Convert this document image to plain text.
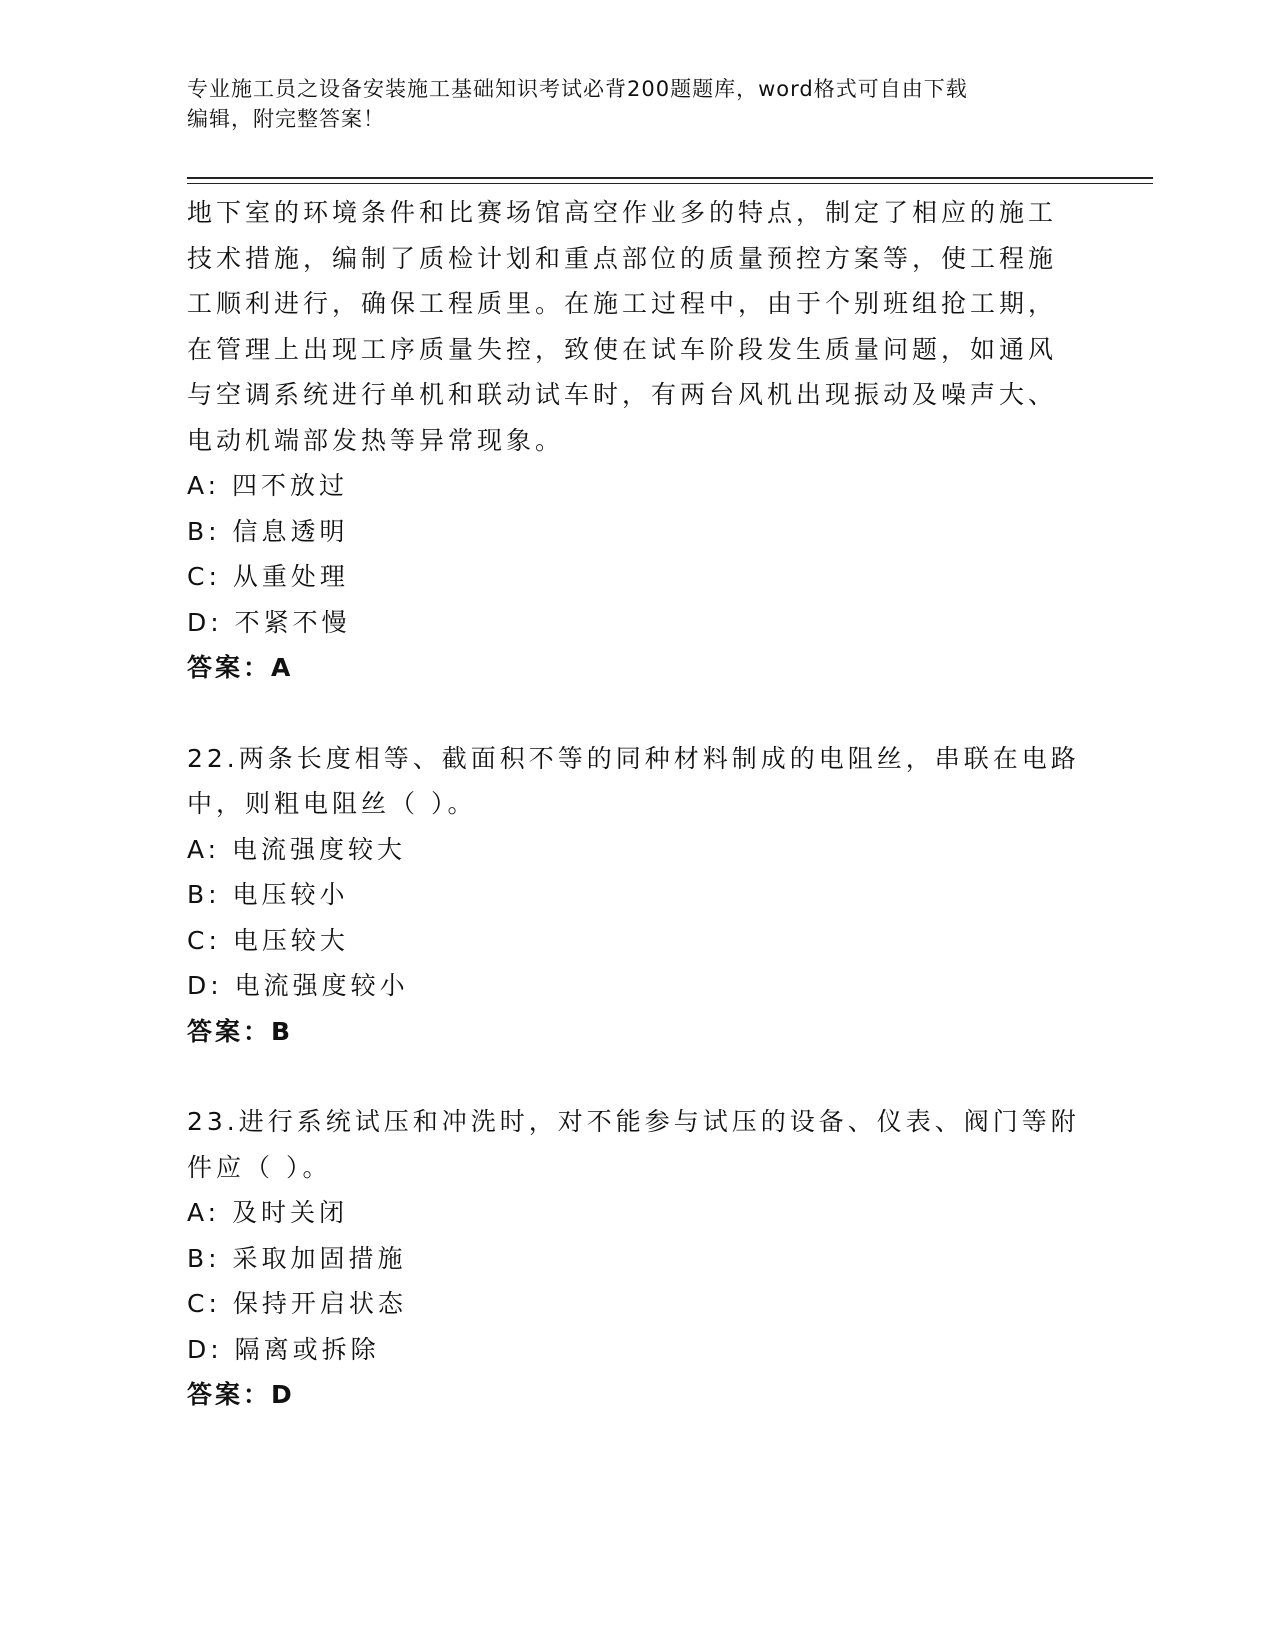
专业施工员之设备安装施工基础知识考试必背200题题库，word格式可自由下载
编辑，附完整答案！
地下室的环境条件和比赛场馆高空作业多的特点，制定了相应的施工
技术措施，编制了质检计划和重点部位的质量预控方案等，使工程施
工顺利进行，确保工程质里。在施工过程中，由于个别班组抢工期，
在管理上出现工序质量失控，致使在试车阶段发生质量问题，如通风
与空调系统进行单机和联动试车时，有两台风机出现振动及噪声大、
电动机端部发热等异常现象。
A: 四不放过
B: 信息透明
C: 从重处理
D: 不紧不慢
答案：A
22.两条长度相等、截面积不等的同种材料制成的电阻丝，串联在电路
中，则粗电阻丝（ ）。
A: 电流强度较大
B: 电压较小
C: 电压较大
D: 电流强度较小
答案：B
23.进行系统试压和冲洗时，对不能参与试压的设备、仪表、阀门等附
件应（ ）。
A: 及时关闭
B: 采取加固措施
C: 保持开启状态
D: 隔离或拆除
答案：D
